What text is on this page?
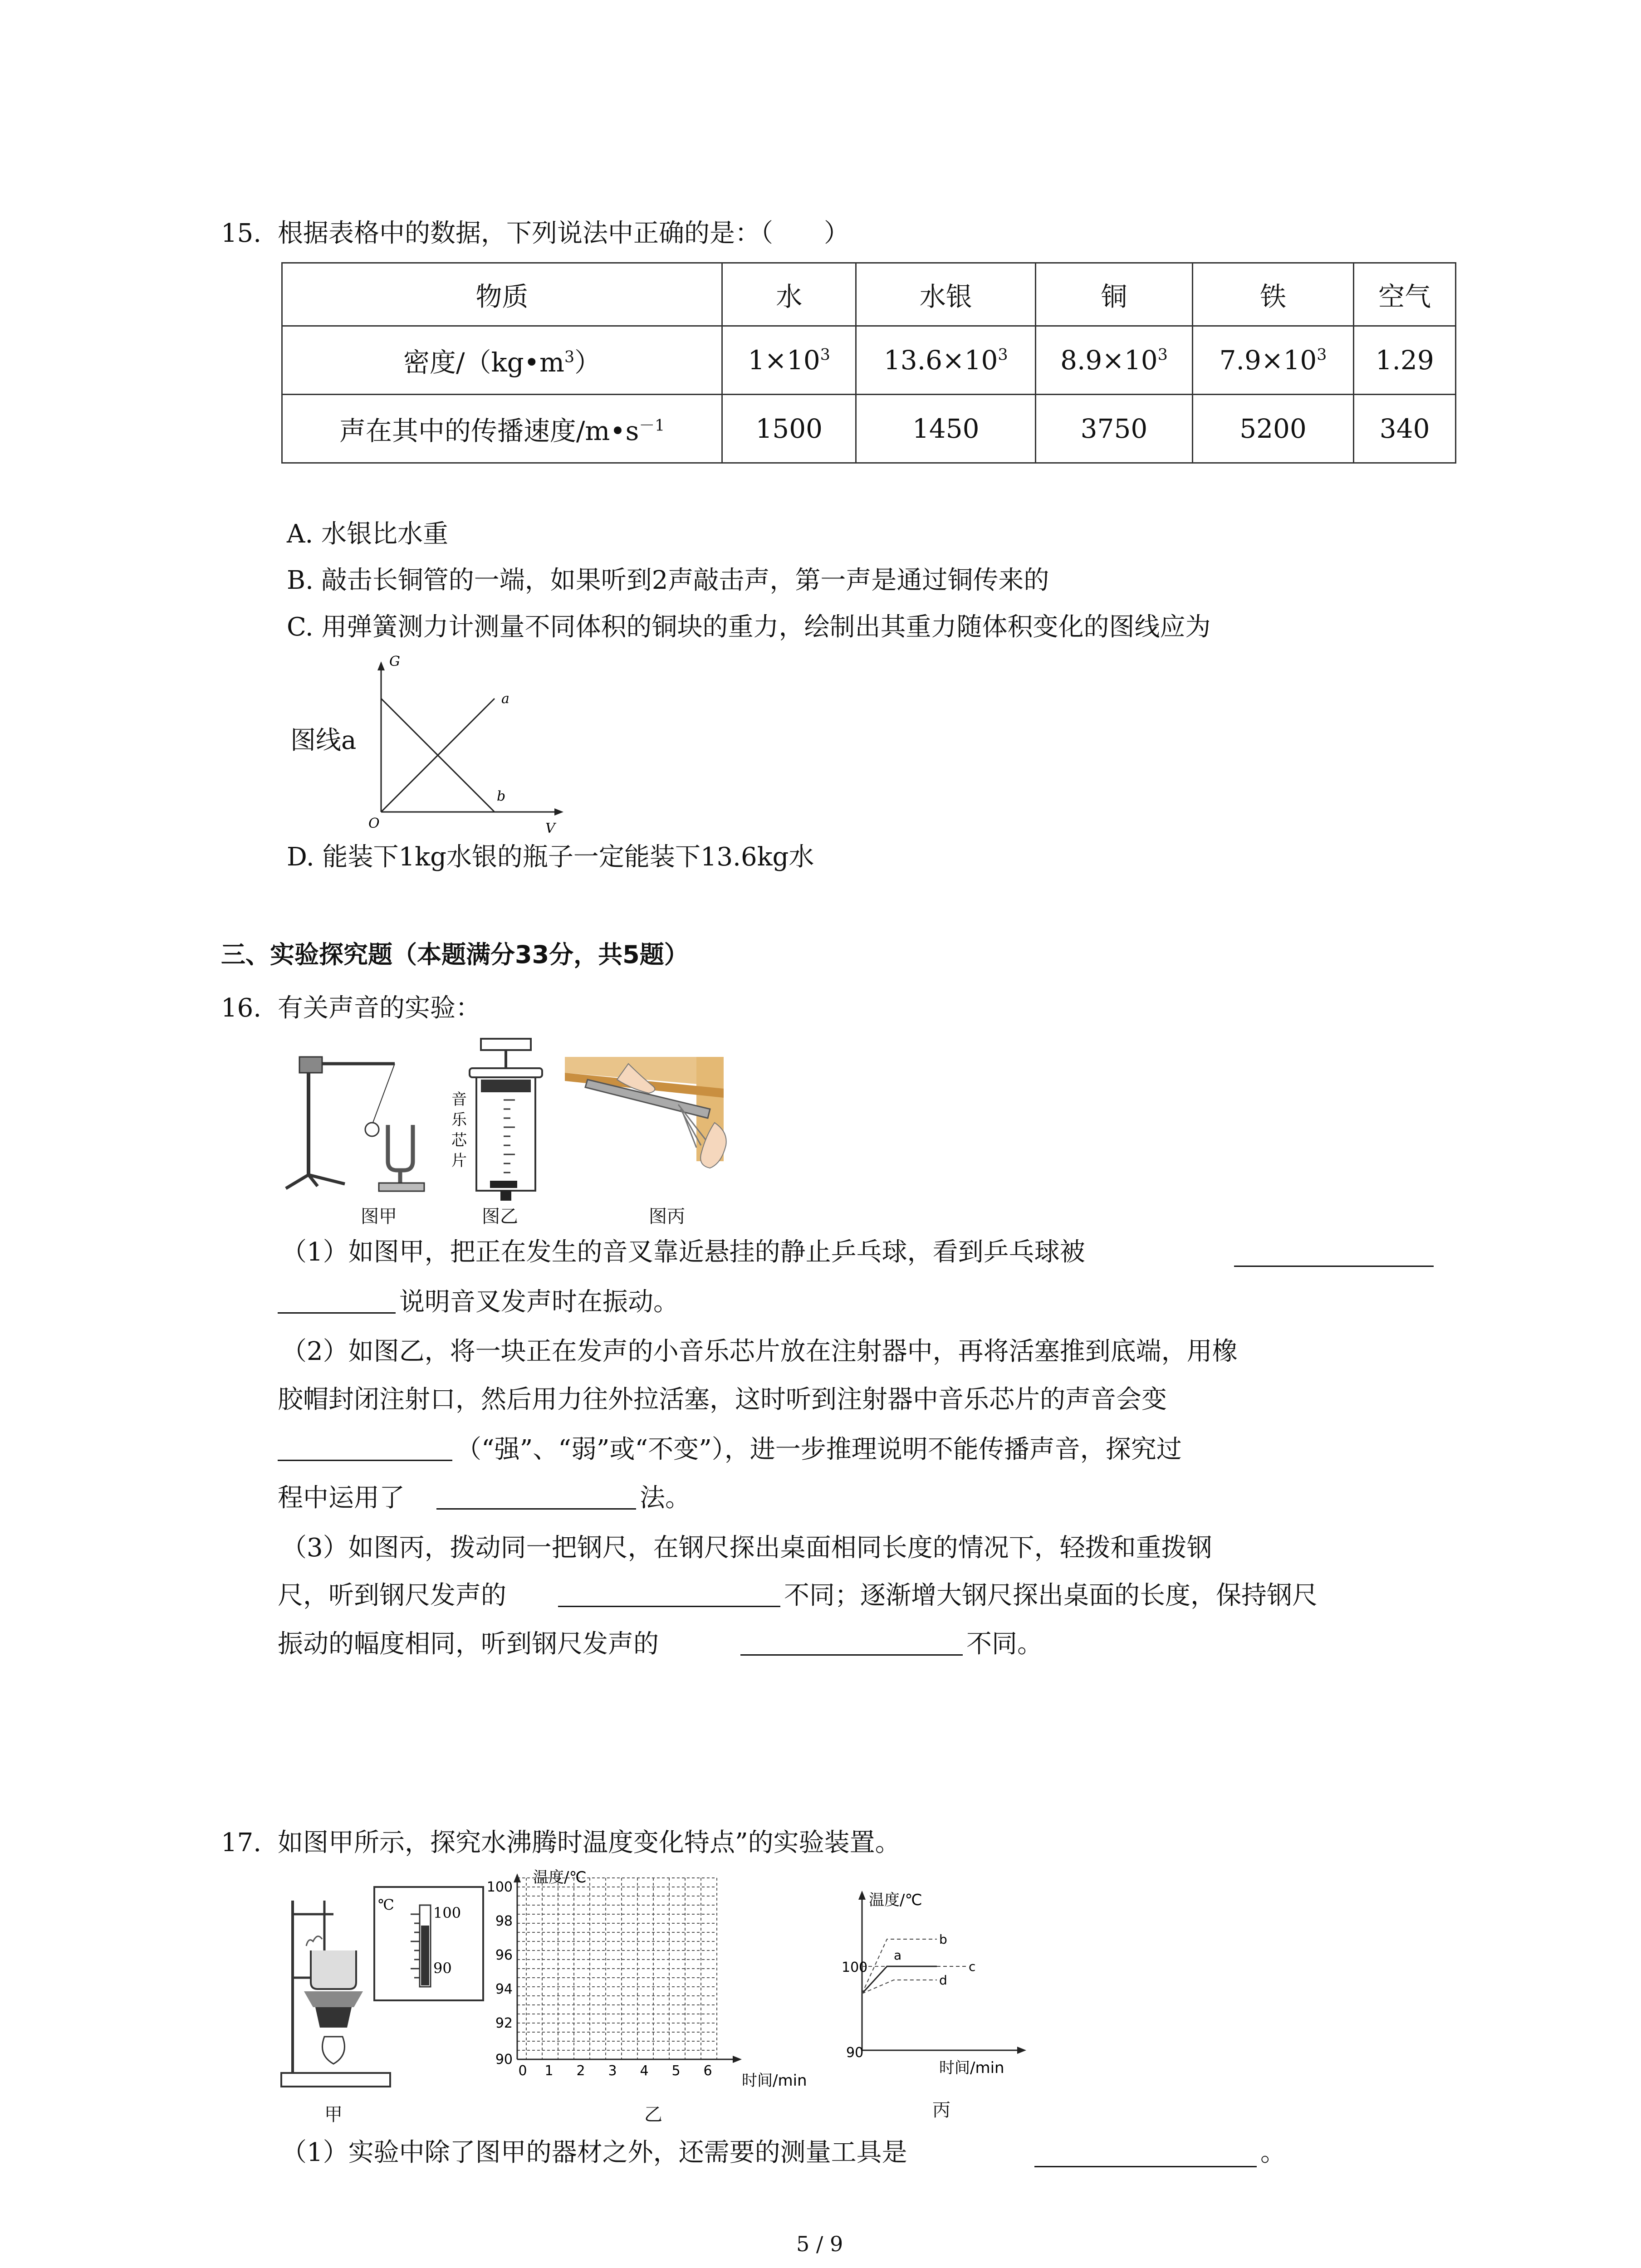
15. 根据表格中的数据，下列说法中正确的是：（　　）
物质	水	水银	铜	铁	空气
密度$/(kg•m^3)$	$1\times 10^3$	$13.6\times 10^3$	$8.9\times 10^3$	$7.9\times 10^3$	1.29
声在其中的传播速度$/m•s^{-1}$	1500	1450	3750	5200	340
A. 水银比水重
B. 敲击长铜管的一端，如果听到2声敲击声，第一声是通过铜传来的
C. 用弹簧测力计测量不同体积的铜块的重力，绘制出其重力随体积变化的图线应为
图线a
G
V
O
a
b
D. 能装下1kg水银的瓶子一定能装下13.6kg水
三、实验探究题（本题满分33分，共5题）
16. 有关声音的实验：
音
乐
芯
片
图甲	图乙	图丙
（1）如图甲，把正在发生的音叉靠近悬挂的静止乒乓球，看到乒乓球被
说明音叉发声时在振动。
（2）如图乙，将一块正在发声的小音乐芯片放在注射器中，再将活塞推到底端，用橡
胶帽封闭注射口，然后用力往外拉活塞，这时听到注射器中音乐芯片的声音会变
（“强”、“弱”或“不变”），进一步推理说明不能传播声音，探究过
程中运用了	法。
（3）如图丙，拨动同一把钢尺，在钢尺探出桌面相同长度的情况下，轻拨和重拨钢
尺，听到钢尺发声的	不同；逐渐增大钢尺探出桌面的长度，保持钢尺
振动的幅度相同，听到钢尺发声的	不同。
17. 如图甲所示，探究水沸腾时温度变化特点”的实验装置。
℃	100
90
温度/℃
时间/min
100
98
96
94
92
90
0 1 2 3 4 5 6
温度/℃
100
90
时间/min
a
b
c
d
甲	乙	丙
（1）实验中除了图甲的器材之外，还需要的测量工具是	。
5 / 9
